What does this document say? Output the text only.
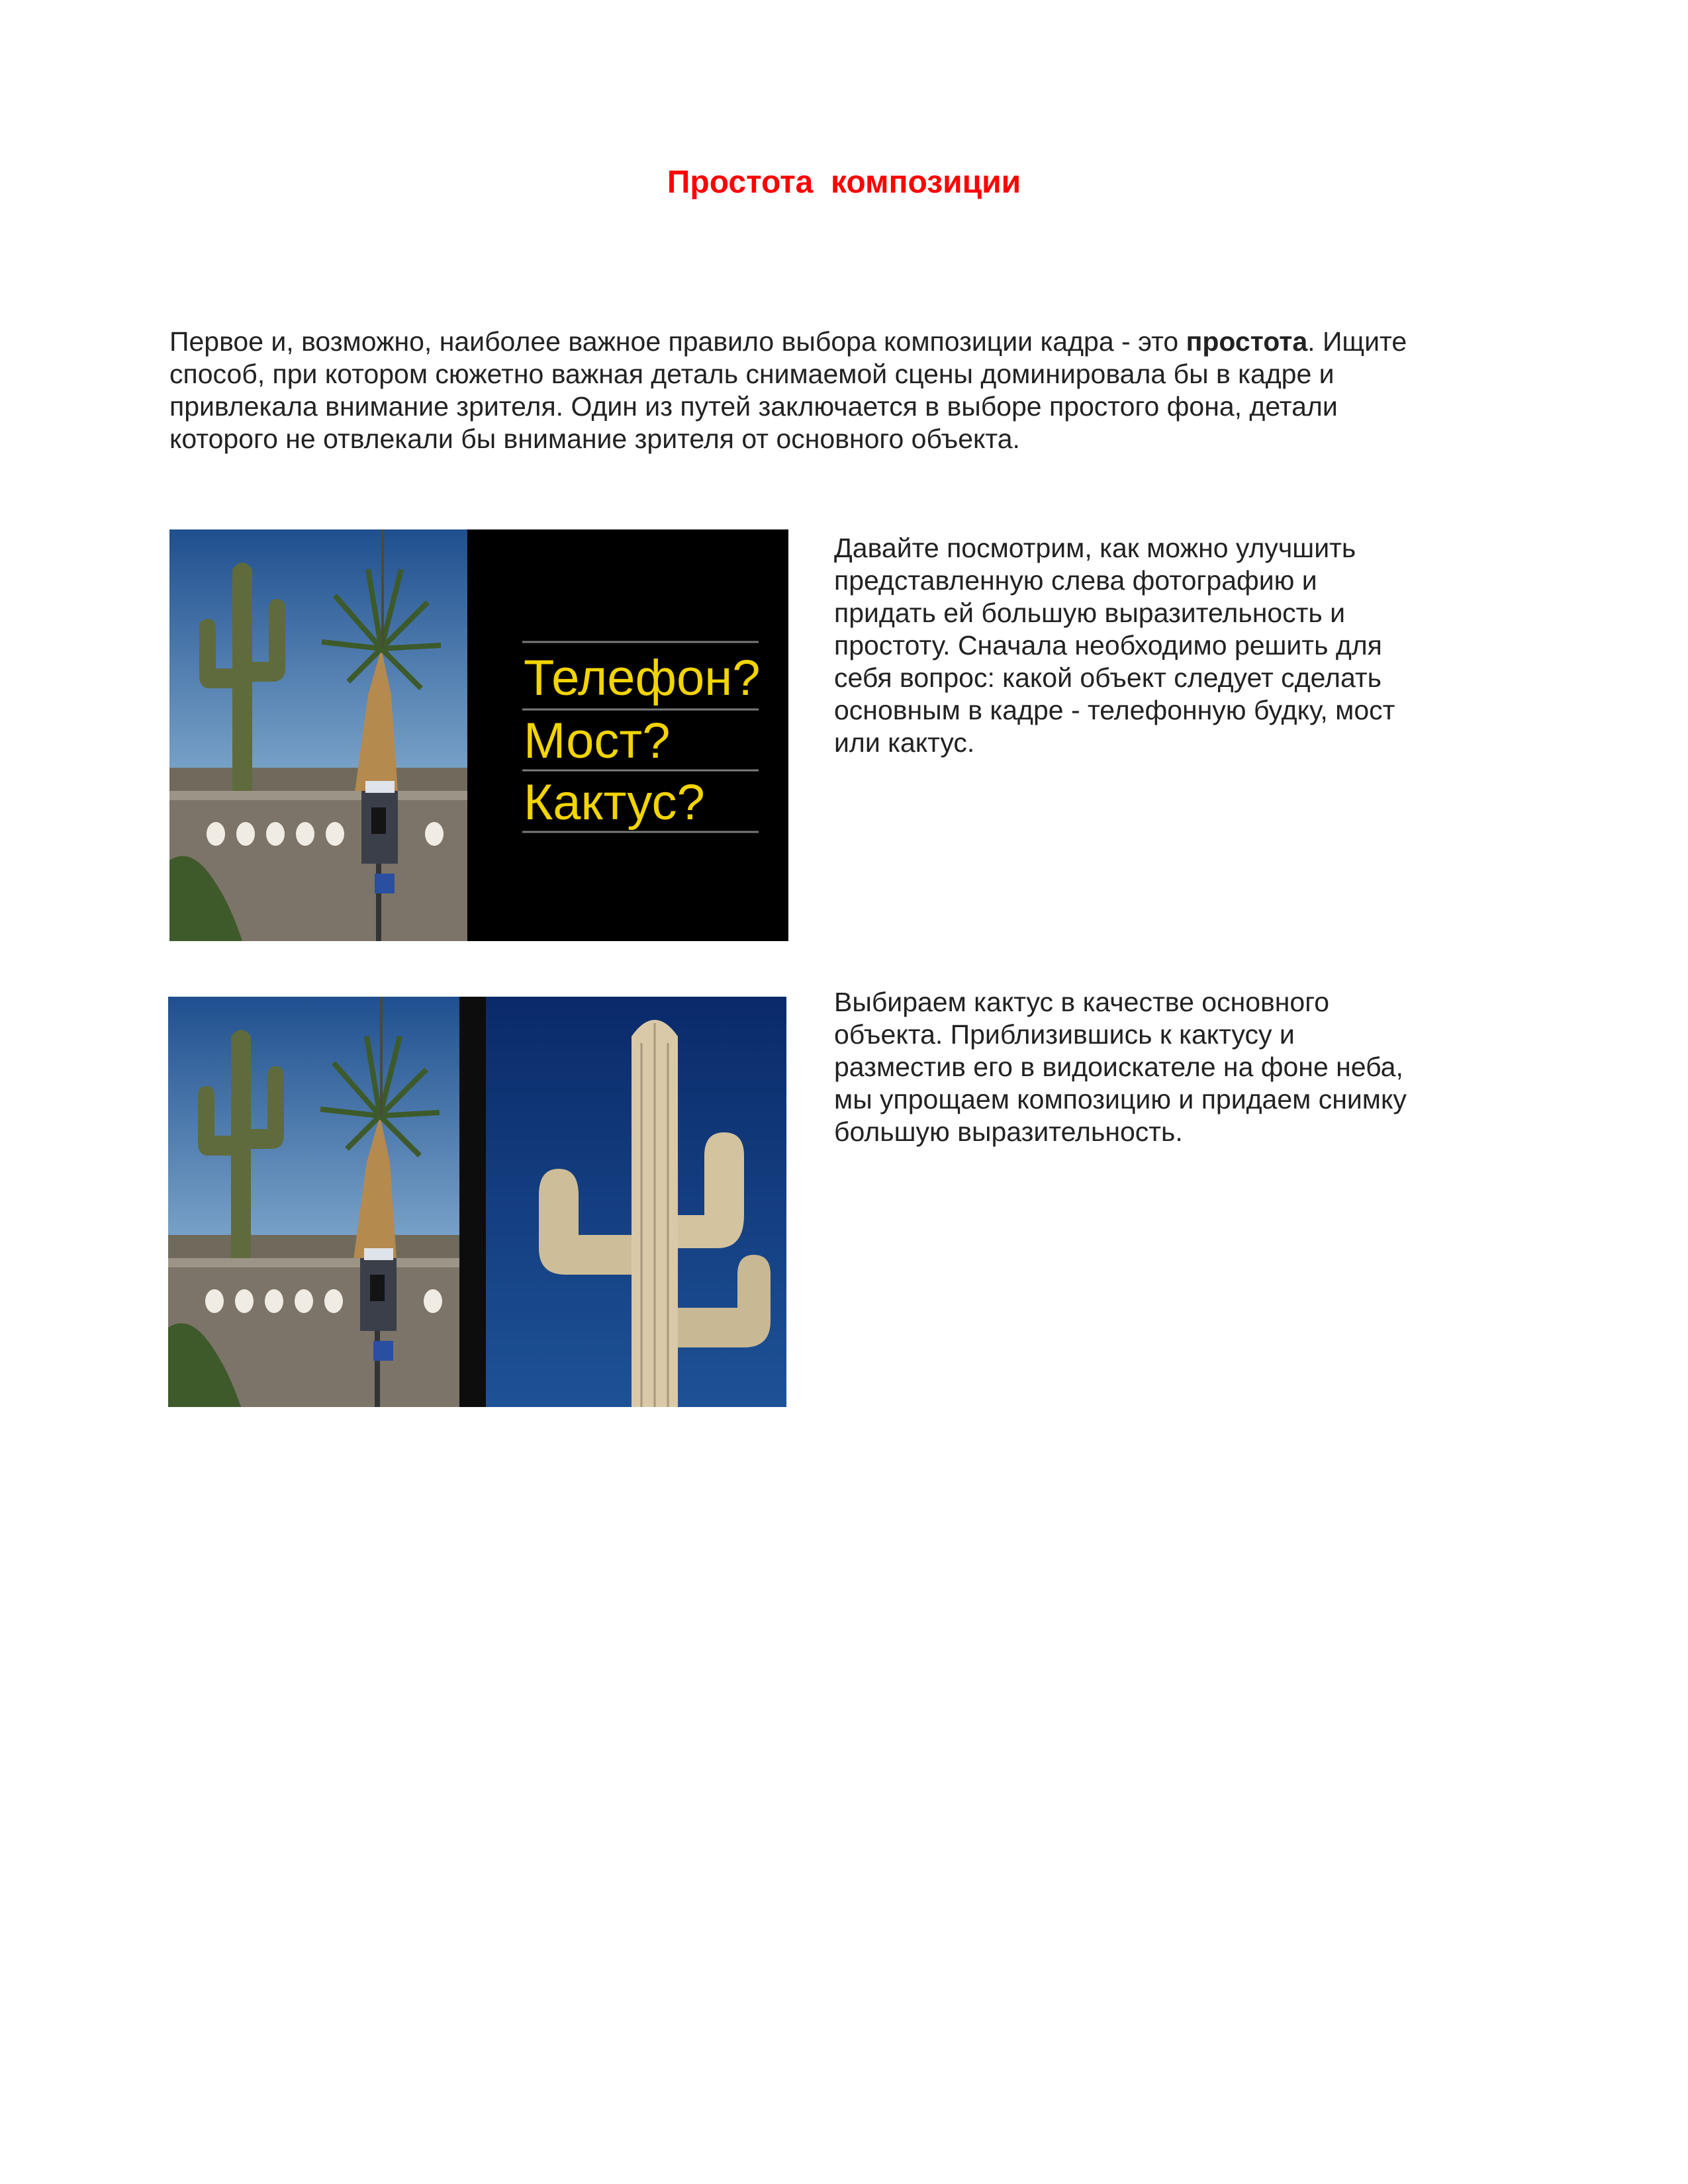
Простота  композиции
Первое и, возможно, наиболее важное правило выбора композиции кадра - это простота. Ищите способ, при котором сюжетно важная деталь снимаемой сцены доминировала бы в кадре и привлекала внимание зрителя. Один из путей заключается в выборе простого фона, детали которого не отвлекали бы внимание зрителя от основного объекта.
Телефон?
Мост?
Кактус?
Давайте посмотрим, как можно улучшить представленную слева фотографию и придать ей большую выразительность и простоту. Сначала необходимо решить для себя вопрос: какой объект следует сделать основным в кадре - телефонную будку, мост или кактус.
Выбираем кактус в качестве основного объекта. Приблизившись к кактусу и разместив его в видоискателе на фоне неба, мы упрощаем композицию и придаем снимку большую выразительность.
